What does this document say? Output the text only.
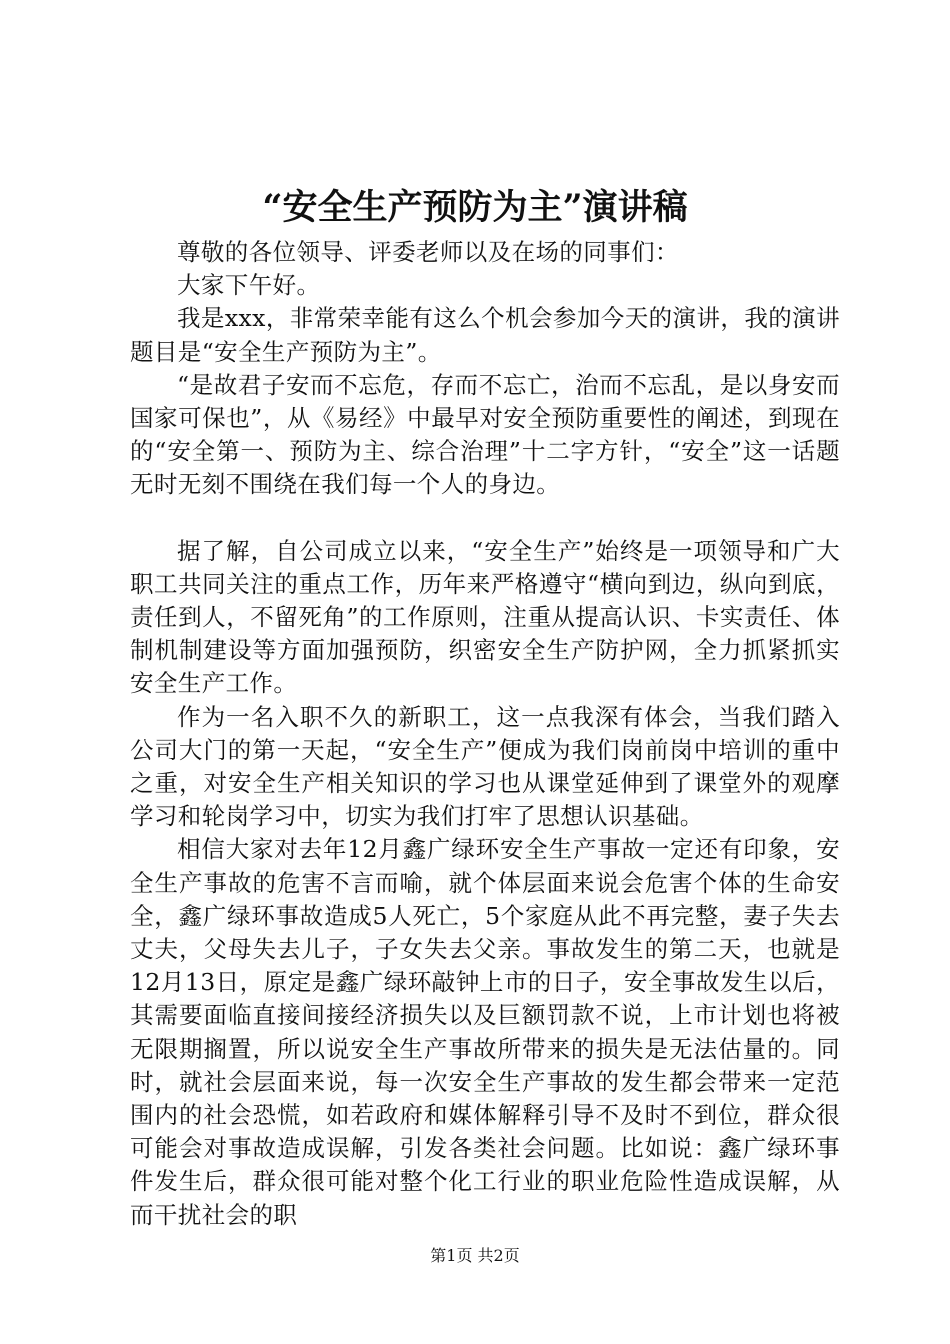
“安全生产预防为主”演讲稿

尊敬的各位领导、评委老师以及在场的同事们：

大家下午好。

我是xxx，非常荣幸能有这么个机会参加今天的演讲，我的演讲题目是“安全生产预防为主”。

“是故君子安而不忘危，存而不忘亡，治而不忘乱，是以身安而国家可保也”，从《易经》中最早对安全预防重要性的阐述，到现在的“安全第一、预防为主、综合治理”十二字方针，“安全”这一话题无时无刻不围绕在我们每一个人的身边。

据了解，自公司成立以来，“安全生产”始终是一项领导和广大职工共同关注的重点工作，历年来严格遵守“横向到边，纵向到底，责任到人，不留死角”的工作原则，注重从提高认识、卡实责任、体制机制建设等方面加强预防，织密安全生产防护网，全力抓紧抓实安全生产工作。

作为一名入职不久的新职工，这一点我深有体会，当我们踏入公司大门的第一天起，“安全生产”便成为我们岗前岗中培训的重中之重，对安全生产相关知识的学习也从课堂延伸到了课堂外的观摩学习和轮岗学习中，切实为我们打牢了思想认识基础。

相信大家对去年12月鑫广绿环安全生产事故一定还有印象，安全生产事故的危害不言而喻，就个体层面来说会危害个体的生命安全，鑫广绿环事故造成5人死亡，5个家庭从此不再完整，妻子失去丈夫，父母失去儿子，子女失去父亲。事故发生的第二天，也就是12月13日，原定是鑫广绿环敲钟上市的日子，安全事故发生以后，其需要面临直接间接经济损失以及巨额罚款不说，上市计划也将被无限期搁置，所以说安全生产事故所带来的损失是无法估量的。同时，就社会层面来说，每一次安全生产事故的发生都会带来一定范围内的社会恐慌，如若政府和媒体解释引导不及时不到位，群众很可能会对事故造成误解，引发各类社会问题。比如说：鑫广绿环事件发生后，群众很可能对整个化工行业的职业危险性造成误解，从而干扰社会的职

第1页 共2页
